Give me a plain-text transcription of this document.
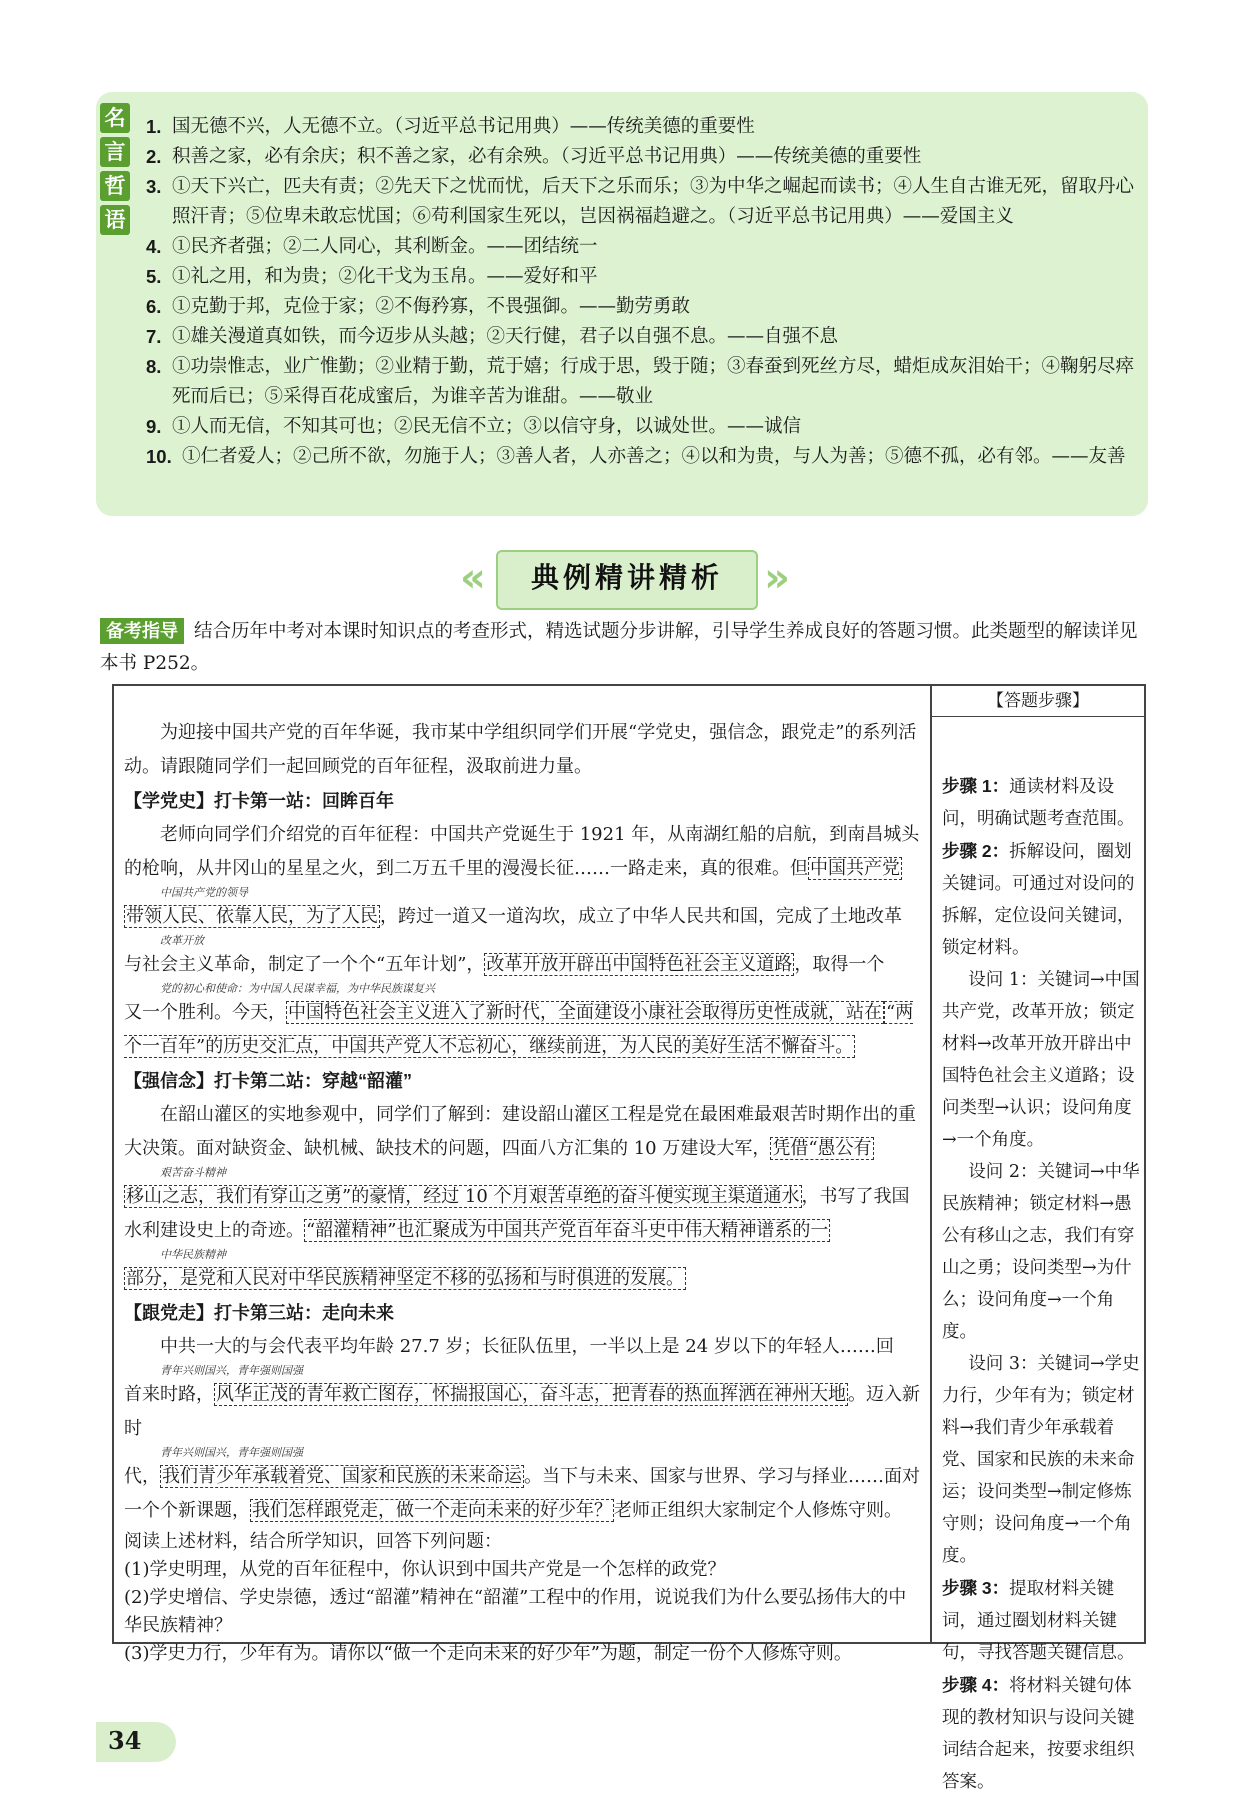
名
言
哲
语
1. 国无德不兴，人无德不立。（习近平总书记用典）——传统美德的重要性
2. 积善之家，必有余庆；积不善之家，必有余殃。（习近平总书记用典）——传统美德的重要性
3. ①天下兴亡，匹夫有责；②先天下之忧而忧，后天下之乐而乐；③为中华之崛起而读书；④人生自古谁无死，留取丹心照汗青；⑤位卑未敢忘忧国；⑥苟利国家生死以，岂因祸福趋避之。（习近平总书记用典）——爱国主义
4. ①民齐者强；②二人同心，其利断金。——团结统一
5. ①礼之用，和为贵；②化干戈为玉帛。——爱好和平
6. ①克勤于邦，克俭于家；②不侮矜寡，不畏强御。——勤劳勇敢
7. ①雄关漫道真如铁，而今迈步从头越；②天行健，君子以自强不息。——自强不息
8. ①功崇惟志，业广惟勤；②业精于勤，荒于嬉；行成于思，毁于随；③春蚕到死丝方尽，蜡炬成灰泪始干；④鞠躬尽瘁死而后已；⑤采得百花成蜜后，为谁辛苦为谁甜。——敬业
9. ①人而无信，不知其可也；②民无信不立；③以信守身，以诚处世。——诚信
10. ①仁者爱人；②己所不欲，勿施于人；③善人者，人亦善之；④以和为贵，与人为善；⑤德不孤，必有邻。——友善
«	典例精讲精析	»
备考指导 结合历年中考对本课时知识点的考查形式，精选试题分步讲解，引导学生养成良好的答题习惯。此类题型的解读详见本书 P252。
【答题步骤】

为迎接中国共产党的百年华诞，我市某中学组织同学们开展“学党史，强信念，跟党走”的系列活动。请跟随同学们一起回顾党的百年征程，汲取前进力量。

【学党史】打卡第一站：回眸百年

老师向同学们介绍党的百年征程：中国共产党诞生于 1921 年，从南湖红船的启航，到南昌城头的枪响，从井冈山的星星之火，到二万五千里的漫漫长征……一路走来，真的很难。但 中国共产党
中国共产党的领导
带领人民、依靠人民，为了人民 ，跨过一道又一道沟坎，成立了中华人民共和国，完成了土地改革
改革开放
与社会主义革命，制定了一个个“五年计划”， 改革开放开辟出中国特色社会主义道路 ，取得一个
党的初心和使命：为中国人民谋幸福，为中华民族谋复兴
又一个胜利。今天， 中国特色社会主义进入了新时代，全面建设小康社会取得历史性成就，站在 “两个一百年”的历史交汇点，中国共产党人不忘初心，继续前进，为人民的美好生活不懈奋斗。

【强信念】打卡第二站：穿越“韶灌”

在韶山灌区的实地参观中，同学们了解到：建设韶山灌区工程是党在最困难最艰苦时期作出的重大决策。面对缺资金、缺机械、缺技术的问题，四面八方汇集的 10 万建设大军， 凭借“愚公有
艰苦奋斗精神
移山之志，我们有穿山之勇”的豪情，经过 10 个月艰苦卓绝的奋斗便实现主渠道通水 ，书写了我国水利建设史上的奇迹。 “韶灌精神”也汇聚成为中国共产党百年奋斗史中伟大精神谱系的一
中华民族精神
部分，是党和人民对中华民族精神坚定不移的弘扬和与时俱进的发展。

【跟党走】打卡第三站：走向未来

中共一大的与会代表平均年龄 27.7 岁；长征队伍里，一半以上是 24 岁以下的年轻人……回
青年兴则国兴，青年强则国强
首来时路， 风华正茂的青年救亡图存，怀揣报国心，奋斗志，把青春的热血挥洒在神州大地 。迈入新时
青年兴则国兴，青年强则国强
代， 我们青少年承载着党、国家和民族的未来命运 。当下与未来、国家与世界、学习与择业……面对一个个新课题， 我们怎样跟党走，做一个走向未来的好少年？ 老师正组织大家制定个人修炼守则。

阅读上述材料，结合所学知识，回答下列问题：

(1)学史明理，从党的百年征程中，你认识到中国共产党是一个怎样的政党？

(2)学史增信、学史崇德，透过“韶灌”精神在“韶灌”工程中的作用，说说我们为什么要弘扬伟大的中华民族精神？

(3)学史力行，少年有为。请你以“做一个走向未来的好少年”为题，制定一份个人修炼守则。

步骤 1：通读材料及设问，明确试题考查范围。

步骤 2：拆解设问，圈划关键词。可通过对设问的拆解，定位设问关键词，锁定材料。

设问 1：关键词→中国共产党，改革开放；锁定材料→改革开放开辟出中国特色社会主义道路；设问类型→认识；设问角度→一个角度。

设问 2：关键词→中华民族精神；锁定材料→愚公有移山之志，我们有穿山之勇；设问类型→为什么；设问角度→一个角度。

设问 3：关键词→学史力行，少年有为；锁定材料→我们青少年承载着党、国家和民族的未来命运；设问类型→制定修炼守则；设问角度→一个角度。

步骤 3：提取材料关键词，通过圈划材料关键句，寻找答题关键信息。

步骤 4：将材料关键句体现的教材知识与设问关键词结合起来，按要求组织答案。

34
